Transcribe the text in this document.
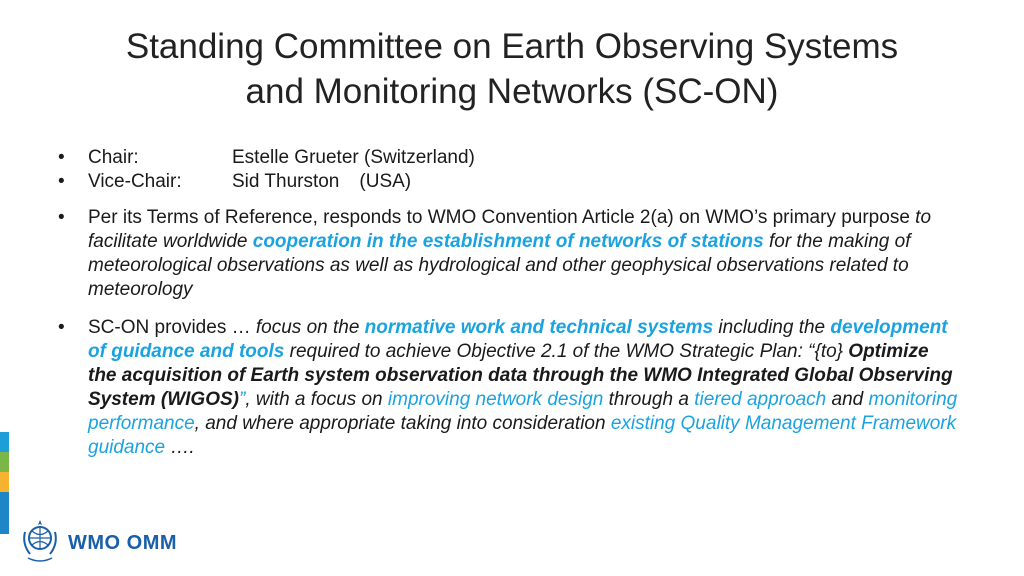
Standing Committee on Earth Observing Systems
and Monitoring Networks (SC-ON)
• Chair:	Estelle Grueter (Switzerland)
• Vice-Chair:	Sid Thurston (USA)
• Per its Terms of Reference, responds to WMO Convention Article 2(a) on WMO’s primary purpose to facilitate worldwide cooperation in the establishment of networks of stations for the making of meteorological observations as well as hydrological and other geophysical observations related to meteorology
• SC-ON provides … focus on the normative work and technical systems including the development of guidance and tools required to achieve Objective 2.1 of the WMO Strategic Plan: “{to} Optimize the acquisition of Earth system observation data through the WMO Integrated Global Observing System (WIGOS)”, with a focus on improving network design through a tiered approach and monitoring performance, and where appropriate taking into consideration existing Quality Management Framework guidance ….
WMO OMM
